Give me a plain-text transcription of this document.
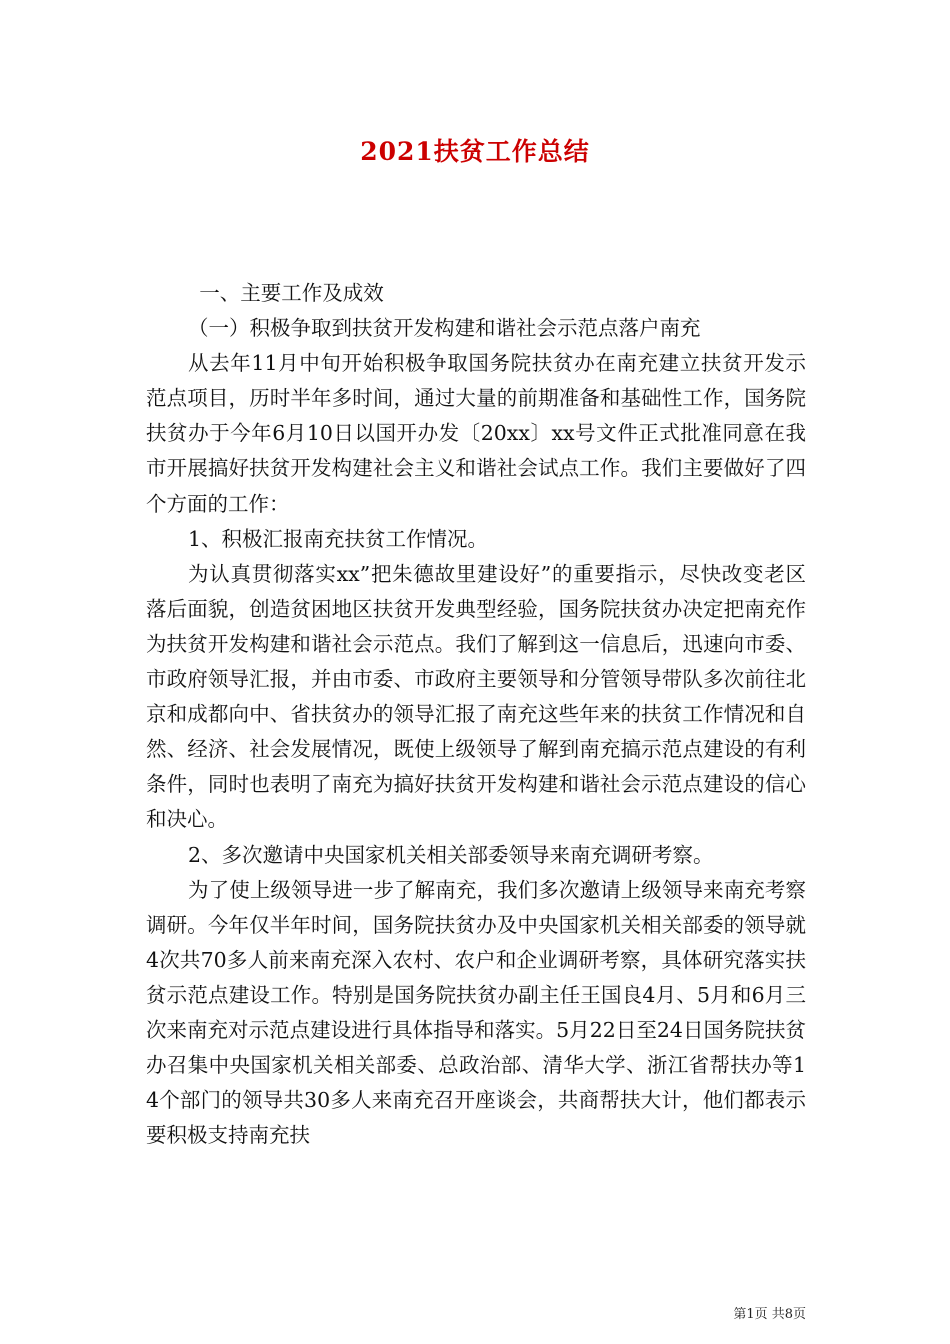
2021扶贫工作总结

一、主要工作及成效

（一）积极争取到扶贫开发构建和谐社会示范点落户南充

从去年11月中旬开始积极争取国务院扶贫办在南充建立扶贫开发示范点项目，历时半年多时间，通过大量的前期准备和基础性工作，国务院扶贫办于今年6月10日以国开办发〔20xx〕xx号文件正式批准同意在我市开展搞好扶贫开发构建社会主义和谐社会试点工作。我们主要做好了四个方面的工作：

1、积极汇报南充扶贫工作情况。

为认真贯彻落实xx”把朱德故里建设好”的重要指示，尽快改变老区落后面貌，创造贫困地区扶贫开发典型经验，国务院扶贫办决定把南充作为扶贫开发构建和谐社会示范点。我们了解到这一信息后，迅速向市委、市政府领导汇报，并由市委、市政府主要领导和分管领导带队多次前往北京和成都向中、省扶贫办的领导汇报了南充这些年来的扶贫工作情况和自然、经济、社会发展情况，既使上级领导了解到南充搞示范点建设的有利条件，同时也表明了南充为搞好扶贫开发构建和谐社会示范点建设的信心和决心。

2、多次邀请中央国家机关相关部委领导来南充调研考察。

为了使上级领导进一步了解南充，我们多次邀请上级领导来南充考察调研。今年仅半年时间，国务院扶贫办及中央国家机关相关部委的领导就4次共70多人前来南充深入农村、农户和企业调研考察，具体研究落实扶贫示范点建设工作。特别是国务院扶贫办副主任王国良4月、5月和6月三次来南充对示范点建设进行具体指导和落实。5月22日至24日国务院扶贫办召集中央国家机关相关部委、总政治部、清华大学、浙江省帮扶办等14个部门的领导共30多人来南充召开座谈会，共商帮扶大计，他们都表示要积极支持南充扶

第1页 共8页
